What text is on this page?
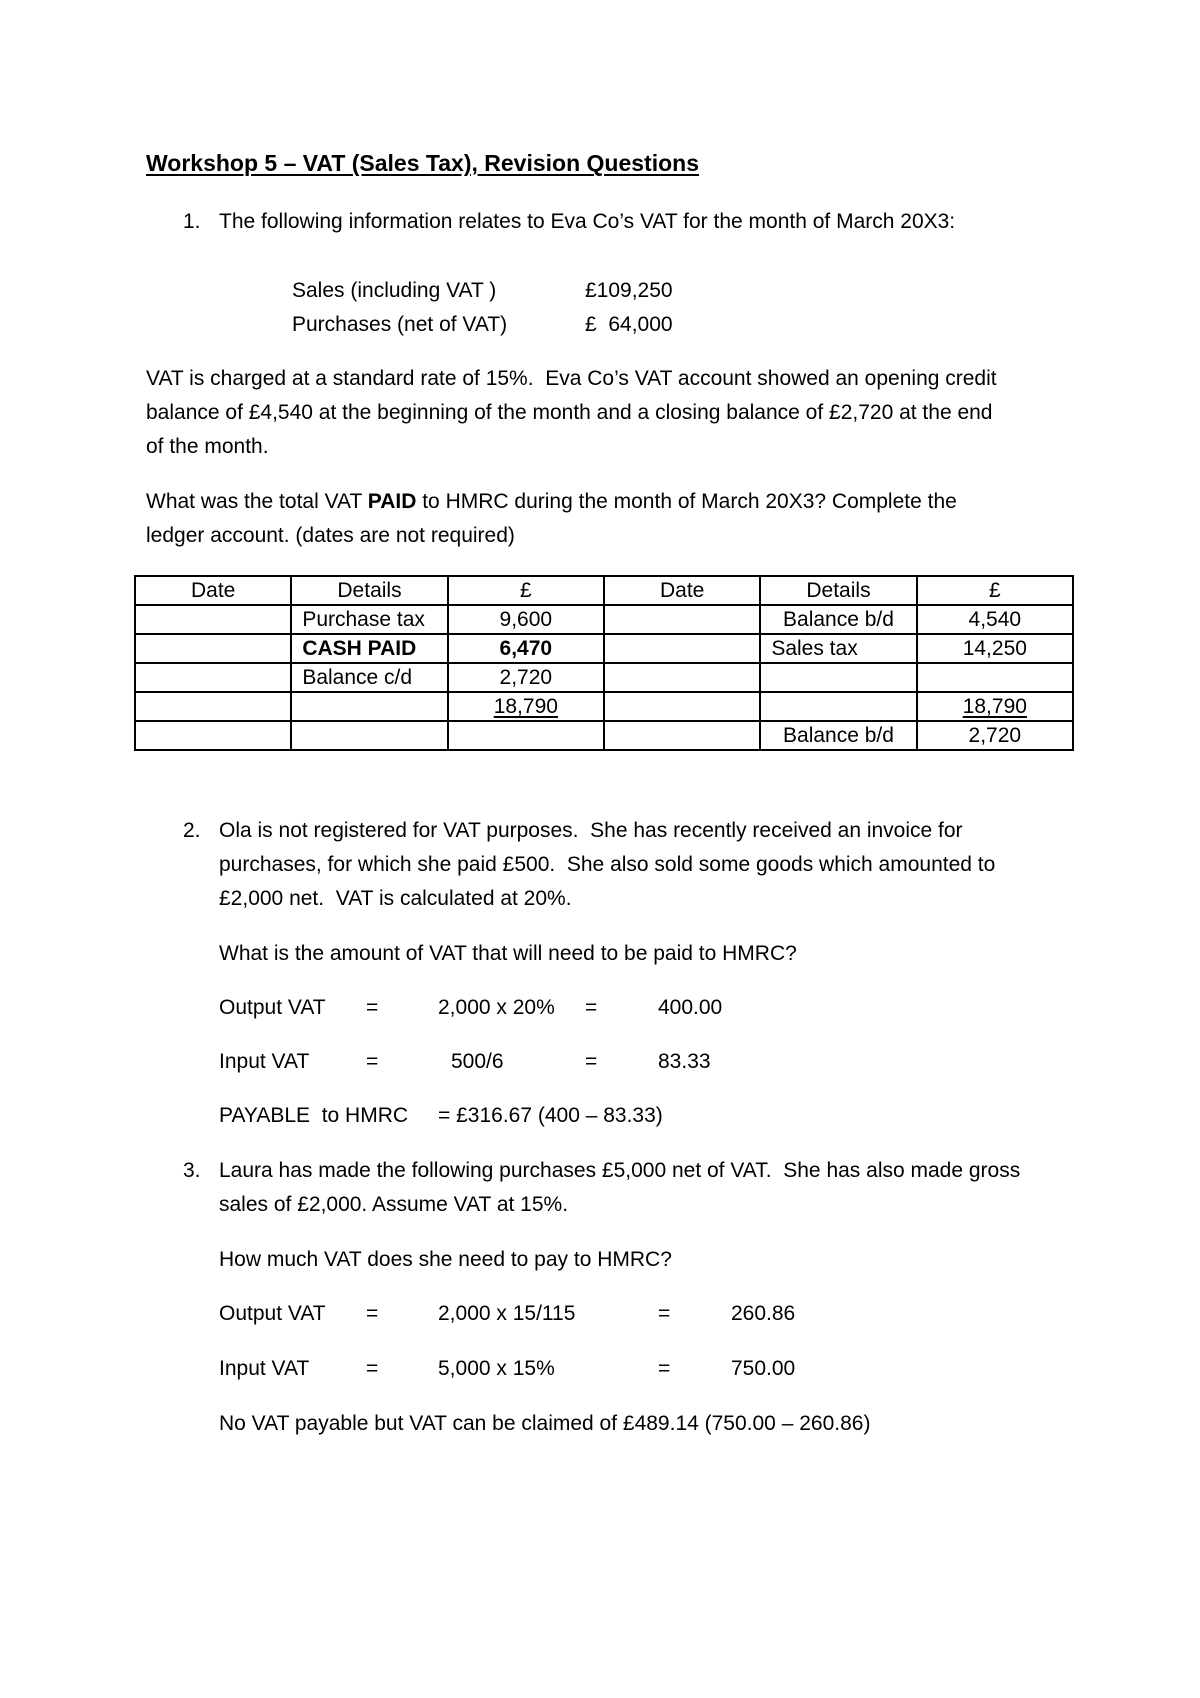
Workshop 5 – VAT (Sales Tax), Revision Questions
1. The following information relates to Eva Co’s VAT for the month of March 20X3:
Sales (including VAT )	£109,250
Purchases (net of VAT)	£  64,000
VAT is charged at a standard rate of 15%.  Eva Co’s VAT account showed an opening credit
balance of £4,540 at the beginning of the month and a closing balance of £2,720 at the end
of the month.
What was the total VAT PAID to HMRC during the month of March 20X3? Complete the
ledger account. (dates are not required)
Date	Details	£	Date	Details	£
	Purchase tax	9,600		Balance b/d	4,540
	CASH PAID	6,470		Sales tax	14,250
	Balance c/d	2,720			
		18,790			18,790
				Balance b/d	2,720
2. Ola is not registered for VAT purposes.  She has recently received an invoice for
purchases, for which she paid £500.  She also sold some goods which amounted to
£2,000 net.  VAT is calculated at 20%.
What is the amount of VAT that will need to be paid to HMRC?
Output VAT =	2,000 x 20% =	400.00
Input VAT	=	500/6	=	83.33
PAYABLE  to HMRC = £316.67 (400 – 83.33)
3. Laura has made the following purchases £5,000 net of VAT.  She has also made gross
sales of £2,000. Assume VAT at 15%.
How much VAT does she need to pay to HMRC?
Output VAT =	2,000 x 15/115	=	260.86
Input VAT	=	5,000 x 15%	=	750.00
No VAT payable but VAT can be claimed of £489.14 (750.00 – 260.86)
